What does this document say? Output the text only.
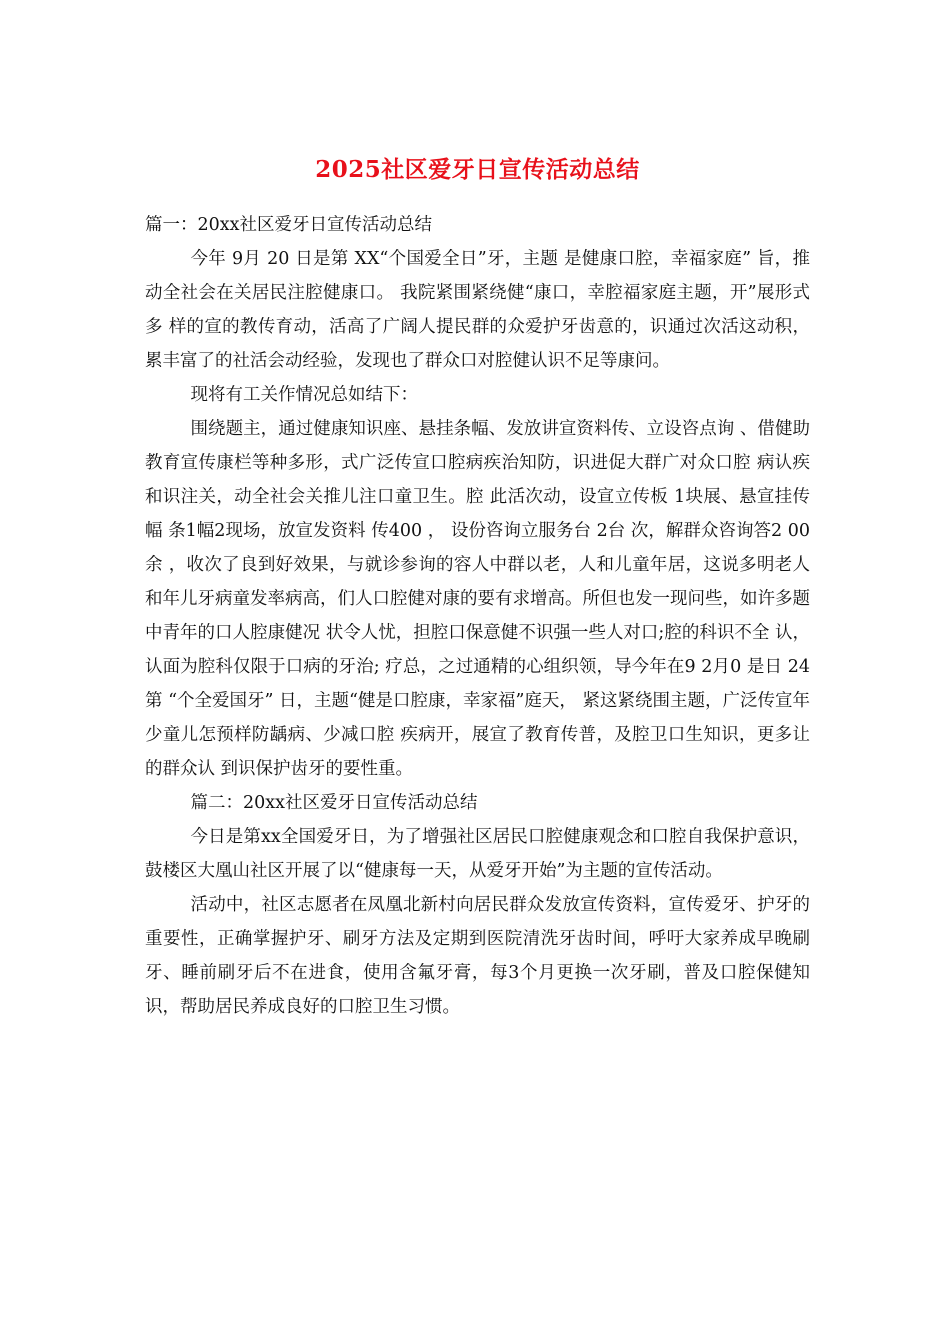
2025社区爱牙日宣传活动总结

篇一：20xx社区爱牙日宣传活动总结

今年 9月 20 日是第 XX“个国爱全日”牙，主题 是健康口腔，幸福家庭” 旨，推动全社会在关居民注腔健康口。 我院紧围紧绕健“康口，幸腔福家庭主题，开”展形式多 样的宣的教传育动，活高了广阔人提民群的众爱护牙齿意的，识通过次活这动积，累丰富了的社活会动经验，发现也了群众口对腔健认识不足等康问。

现将有工关作情况总如结下：

围绕题主，通过健康知识座、悬挂条幅、发放讲宣资料传、立设咨点询 、借健助教育宣传康栏等种多形，式广泛传宣口腔病疾治知防，识进促大群广对众口腔 病认疾和识注关，动全社会关推儿注口童卫生。腔 此活次动，设宣立传板 1块展、悬宣挂传幅 条1幅2现场，放宣发资料 传400 ， 设份咨询立服务台 2台 次，解群众咨询答2 00余 ，收次了良到好效果，与就诊参询的容人中群以老，人和儿童年居，这说多明老人和年儿牙病童发率病高，们人口腔健对康的要有求增高。所但也发一现问些，如许多题中青年的口人腔康健况 状令人忧，担腔口保意健不识强一些人对口;腔的科识不全 认，认面为腔科仅限于口病的牙治; 疗总，之过通精的心组织领，导今年在9 2月0 是日 24第 “个全爱国牙” 日，主题“健是口腔康，幸家福”庭天， 紧这紧绕围主题，广泛传宣年少童儿怎预样防龋病、少减口腔 疾病开，展宣了教育传普，及腔卫口生知识，更多让的群众认 到识保护齿牙的要性重。

篇二：20xx社区爱牙日宣传活动总结

今日是第xx全国爱牙日，为了增强社区居民口腔健康观念和口腔自我保护意识，鼓楼区大凰山社区开展了以“健康每一天，从爱牙开始”为主题的宣传活动。

活动中，社区志愿者在凤凰北新村向居民群众发放宣传资料，宣传爱牙、护牙的重要性，正确掌握护牙、刷牙方法及定期到医院清洗牙齿时间，呼吁大家养成早晚刷牙、睡前刷牙后不在进食，使用含氟牙膏，每3个月更换一次牙刷，普及口腔保健知识，帮助居民养成良好的口腔卫生习惯。
